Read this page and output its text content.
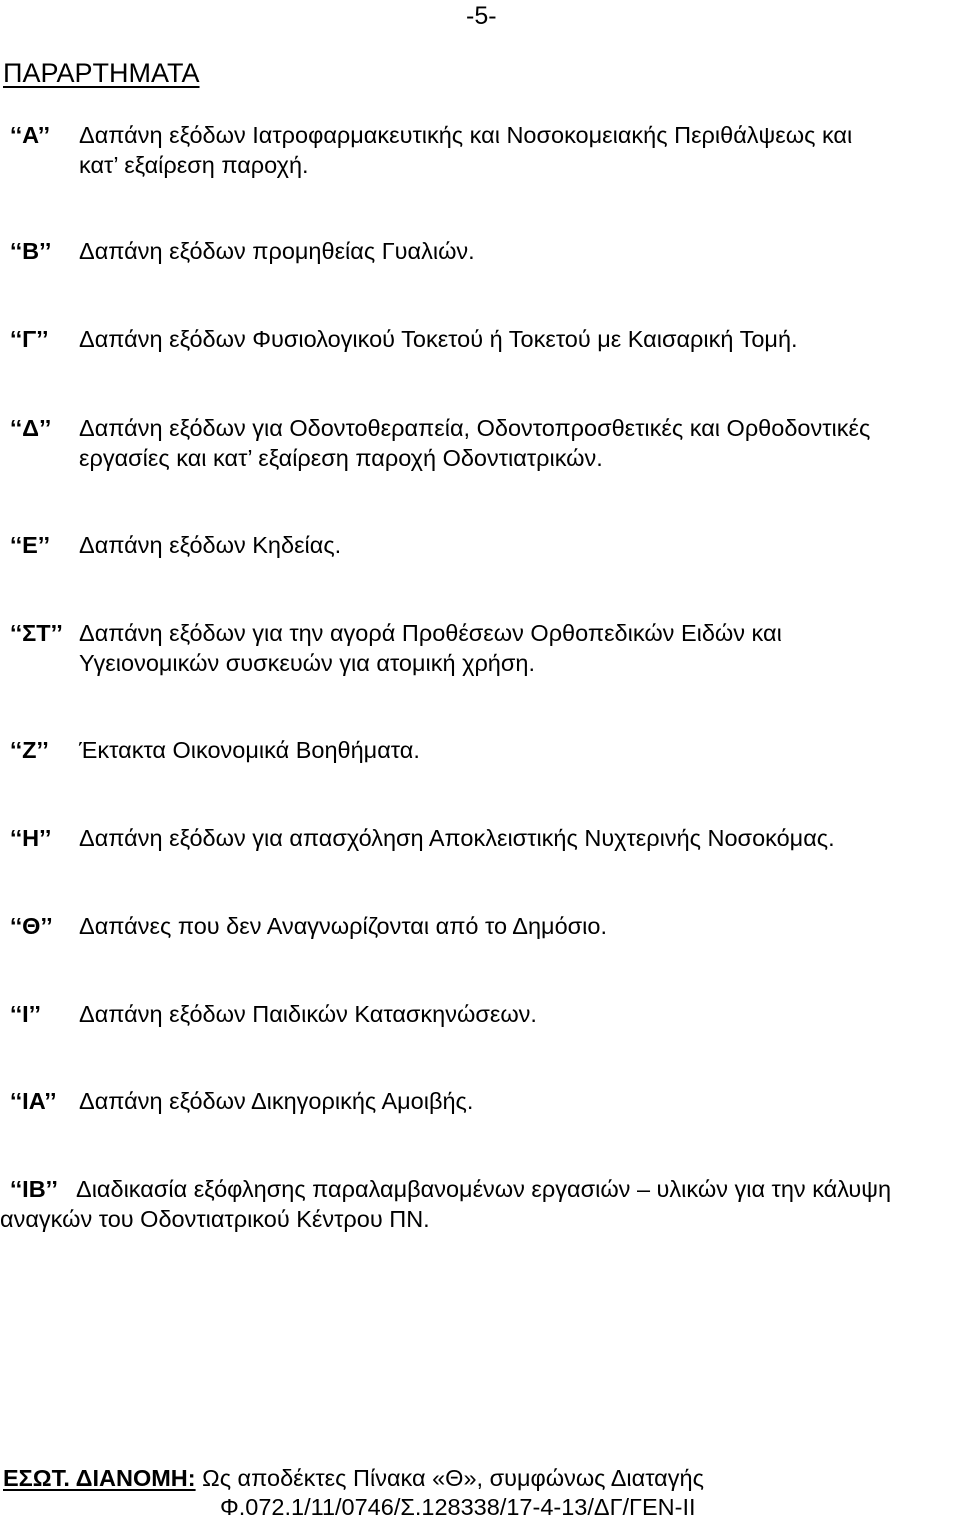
-5-
ΠΑΡΑΡΤΗΜΑΤΑ
‘‘Α’’ Δαπάνη εξόδων Ιατροφαρμακευτικής και Νοσοκομειακής Περιθάλψεως και
κατ’ εξαίρεση παροχή.
‘‘Β’’ Δαπάνη εξόδων προμηθείας Γυαλιών.
‘‘Γ’’ Δαπάνη εξόδων Φυσιολογικού Τοκετού ή Τοκετού με Καισαρική Τομή.
‘‘Δ’’ Δαπάνη εξόδων για Οδοντοθεραπεία, Οδοντοπροσθετικές και Ορθοδοντικές
εργασίες και κατ’ εξαίρεση παροχή Οδοντιατρικών.
‘‘Ε’’ Δαπάνη εξόδων Κηδείας.
‘‘ΣΤ’’ Δαπάνη εξόδων για την αγορά Προθέσεων Ορθοπεδικών Ειδών και
Υγειονομικών συσκευών για ατομική χρήση.
‘‘Ζ’’ Έκτακτα Οικονομικά Βοηθήματα.
‘‘Η’’ Δαπάνη εξόδων για απασχόληση Αποκλειστικής Νυχτερινής Νοσοκόμας.
‘‘Θ’’ Δαπάνες που δεν Αναγνωρίζονται από το Δημόσιο.
‘‘Ι’’ Δαπάνη εξόδων Παιδικών Κατασκηνώσεων.
‘‘ΙΑ’’ Δαπάνη εξόδων Δικηγορικής Αμοιβής.
‘‘ΙΒ’’ Διαδικασία εξόφλησης παραλαμβανομένων εργασιών – υλικών για την κάλυψη
αναγκών του Οδοντιατρικού Κέντρου ΠΝ.
ΕΣΩΤ. ΔΙΑΝΟΜΗ: Ως αποδέκτες Πίνακα «Θ», συμφώνως Διαταγής
Φ.072.1/11/0746/Σ.128338/17-4-13/ΔΓ/ΓΕΝ-ΙΙ
